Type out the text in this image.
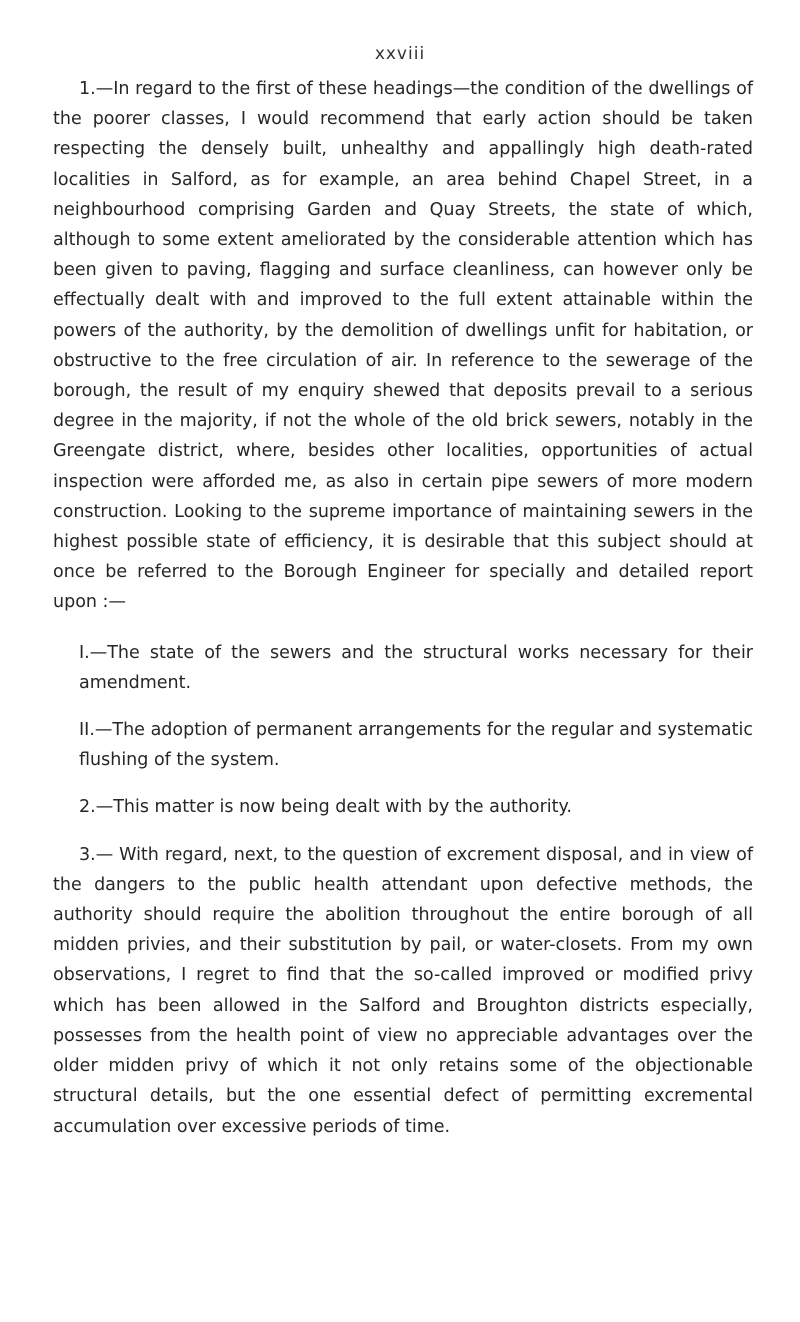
xxviii

1.—In regard to the first of these headings—the condition of the dwellings of the poorer classes, I would recommend that early action should be taken respecting the densely built, unhealthy and appallingly high death-rated localities in Salford, as for example, an area behind Chapel Street, in a neighbourhood comprising Garden and Quay Streets, the state of which, although to some extent ameliorated by the considerable attention which has been given to paving, flagging and surface cleanliness, can however only be effectually dealt with and improved to the full extent attainable within the powers of the authority, by the demolition of dwellings unfit for habitation, or obstructive to the free circulation of air. In reference to the sewerage of the borough, the result of my enquiry shewed that deposits prevail to a serious degree in the majority, if not the whole of the old brick sewers, notably in the Greengate district, where, besides other localities, opportunities of actual inspection were afforded me, as also in certain pipe sewers of more modern construction. Looking to the supreme importance of maintaining sewers in the highest possible state of efficiency, it is desirable that this subject should at once be referred to the Borough Engineer for specially and detailed report upon :—

I.—The state of the sewers and the structural works necessary for their amendment.

II.—The adoption of permanent arrangements for the regular and systematic flushing of the system.

2.—This matter is now being dealt with by the authority.

3.— With regard, next, to the question of excrement disposal, and in view of the dangers to the public health attendant upon defective methods, the authority should require the abolition throughout the entire borough of all midden privies, and their substitution by pail, or water-closets. From my own observations, I regret to find that the so-called improved or modified privy which has been allowed in the Salford and Broughton districts especially, possesses from the health point of view no appreciable advantages over the older midden privy of which it not only retains some of the objectionable structural details, but the one essential defect of permitting excremental accumulation over excessive periods of time.
